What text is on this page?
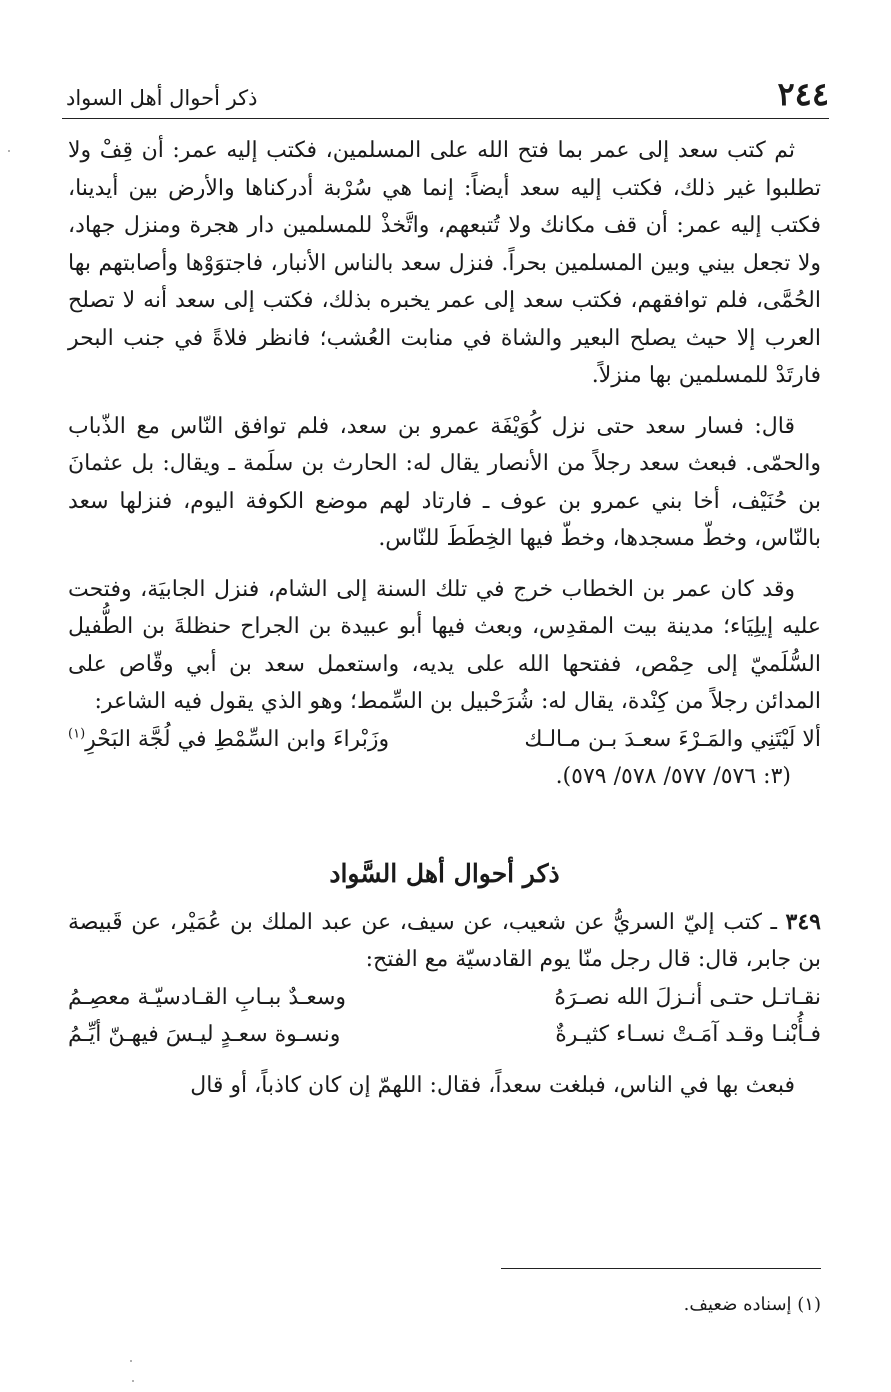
٢٤٤
ذكر أحوال أهل السواد

ثم كتب سعد إلى عمر بما فتح الله على المسلمين، فكتب إليه عمر: أن قِفْ ولا تطلبوا غير ذلك، فكتب إليه سعد أيضاً: إنما هي سُرْبة أدركناها والأرض بين أيدينا، فكتب إليه عمر: أن قف مكانك ولا تُتبعهم، واتَّخذْ للمسلمين دار هجرة ومنزل جهاد، ولا تجعل بيني وبين المسلمين بحراً. فنزل سعد بالناس الأنبار، فاجتوَوْها وأصابتهم بها الحُمَّى، فلم توافقهم، فكتب سعد إلى عمر يخبره بذلك، فكتب إلى سعد أنه لا تصلح العرب إلا حيث يصلح البعير والشاة في منابت العُشب؛ فانظر فلاةً في جنب البحر فارتَدْ للمسلمين بها منزلاً.

قال: فسار سعد حتى نزل كُوَيْفَة عمرو بن سعد، فلم توافق النّاس مع الذّباب والحمّى. فبعث سعد رجلاً من الأنصار يقال له: الحارث بن سلَمة ـ ويقال: بل عثمانَ بن حُنَيْف، أخا بني عمرو بن عوف ـ فارتاد لهم موضع الكوفة اليوم، فنزلها سعد بالنّاس، وخطّ مسجدها، وخطّ فيها الخِطَطَ للنّاس.

وقد كان عمر بن الخطاب خرج في تلك السنة إلى الشام، فنزل الجابيَة، وفتحت عليه إيلِيَاء؛ مدينة بيت المقدِس، وبعث فيها أبو عبيدة بن الجراح حنظلةَ بن الطُّفيل السُّلَميّ إلى حِمْص، ففتحها الله على يديه، واستعمل سعد بن أبي وقّاص على المدائن رجلاً من كِنْدة، يقال له: شُرَحْبيل بن السِّمط؛ وهو الذي يقول فيه الشاعر:

ألا لَيْتَنِي والمَـرْءَ سعـدَ بـن مـالـك
وزَبْراءَ وابن السِّمْطِ في لُجَّة البَحْرِ$^{(١)}$

(٣: ٥٧٦/ ٥٧٧/ ٥٧٨/ ٥٧٩).

ذكر أحوال أهل السَّواد

٣٤٩ ـ كتب إليّ السريُّ عن شعيب، عن سيف، عن عبد الملك بن عُمَيْر، عن قَبيصة بن جابر، قال: قال رجل منّا يوم القادسيّة مع الفتح:

نقـاتـل حتـى أنـزلَ الله نصـرَهُ
وسعـدٌ ببـابِ القـادسيّـة معصِـمُ
فـأُبْنـا وقـد آمَـتْ نسـاء كثيـرةٌ
ونسـوة سعـدٍ ليـسَ فيهـنّ أيِّـمُ

فبعث بها في الناس، فبلغت سعداً، فقال: اللهمّ إن كان كاذباً، أو قال

(١) إسناده ضعيف.
